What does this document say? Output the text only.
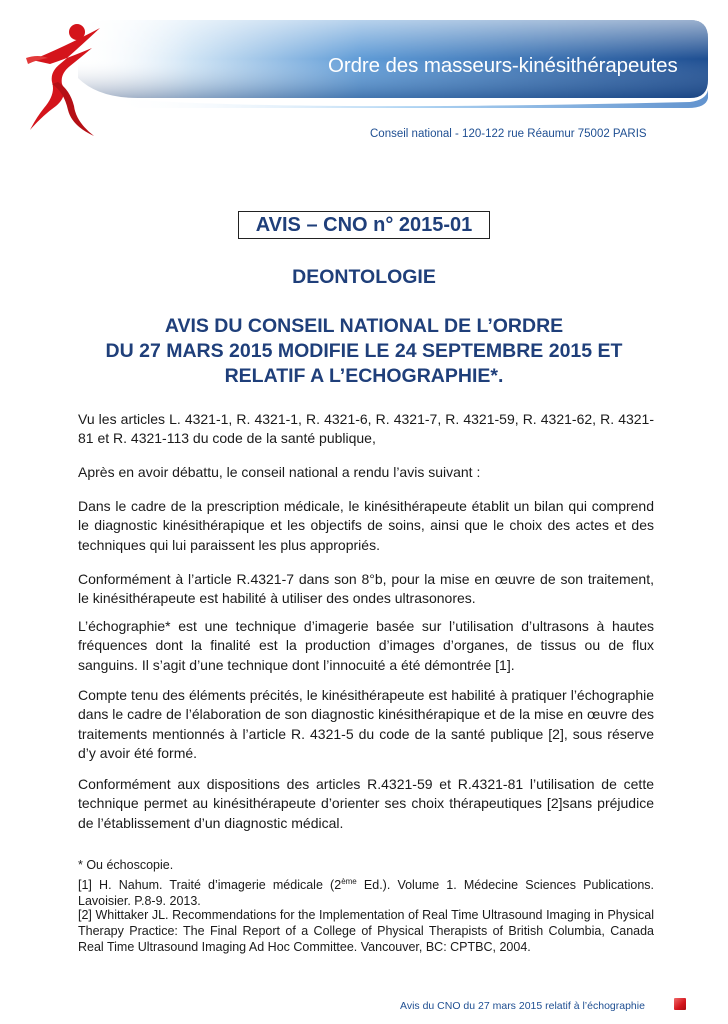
Ordre des masseurs-kinésithérapeutes
Conseil national - 120-122 rue Réaumur 75002 PARIS
AVIS – CNO n° 2015-01
DEONTOLOGIE
AVIS DU CONSEIL NATIONAL DE L’ORDRE
DU 27 MARS 2015 MODIFIE LE 24 SEPTEMBRE 2015 ET
RELATIF A L’ECHOGRAPHIE*.
Vu les articles L. 4321-1, R. 4321-1, R. 4321-6, R. 4321-7, R. 4321-59, R. 4321-62, R. 4321-81 et R. 4321-113 du code de la santé publique,
Après en avoir débattu, le conseil national a rendu l’avis suivant :
Dans le cadre de la prescription médicale, le kinésithérapeute établit un bilan qui comprend le diagnostic kinésithérapique et les objectifs de soins, ainsi que le choix des actes et des techniques qui lui paraissent les plus appropriés.
Conformément à l’article R.4321-7 dans son 8°b, pour la mise en œuvre de son traitement, le kinésithérapeute est habilité à utiliser des ondes ultrasonores.
L’échographie* est une technique d’imagerie basée sur l’utilisation d’ultrasons à hautes fréquences dont la finalité est la production d’images d’organes, de tissus ou de flux sanguins. Il s’agit d’une technique dont l’innocuité a été démontrée [1].
Compte tenu des éléments précités, le kinésithérapeute est habilité à pratiquer l’échographie dans le cadre de l’élaboration de son diagnostic kinésithérapique et de la mise en œuvre des traitements mentionnés à l’article R. 4321-5 du code de la santé publique [2], sous réserve d’y avoir été formé.
Conformément aux dispositions des articles R.4321-59 et R.4321-81 l’utilisation de cette technique permet au kinésithérapeute d’orienter ses choix thérapeutiques [2]sans préjudice de l’établissement d’un diagnostic médical.
* Ou échoscopie.
[1] H. Nahum. Traité d’imagerie médicale (2ème Ed.). Volume 1. Médecine Sciences Publications. Lavoisier. P.8-9. 2013.
[2] Whittaker JL. Recommendations for the Implementation of Real Time Ultrasound Imaging in Physical Therapy Practice: The Final Report of a College of Physical Therapists of British Columbia, Canada Real Time Ultrasound Imaging Ad Hoc Committee. Vancouver, BC: CPTBC, 2004.
Avis du CNO du 27 mars 2015 relatif à l’échographie
